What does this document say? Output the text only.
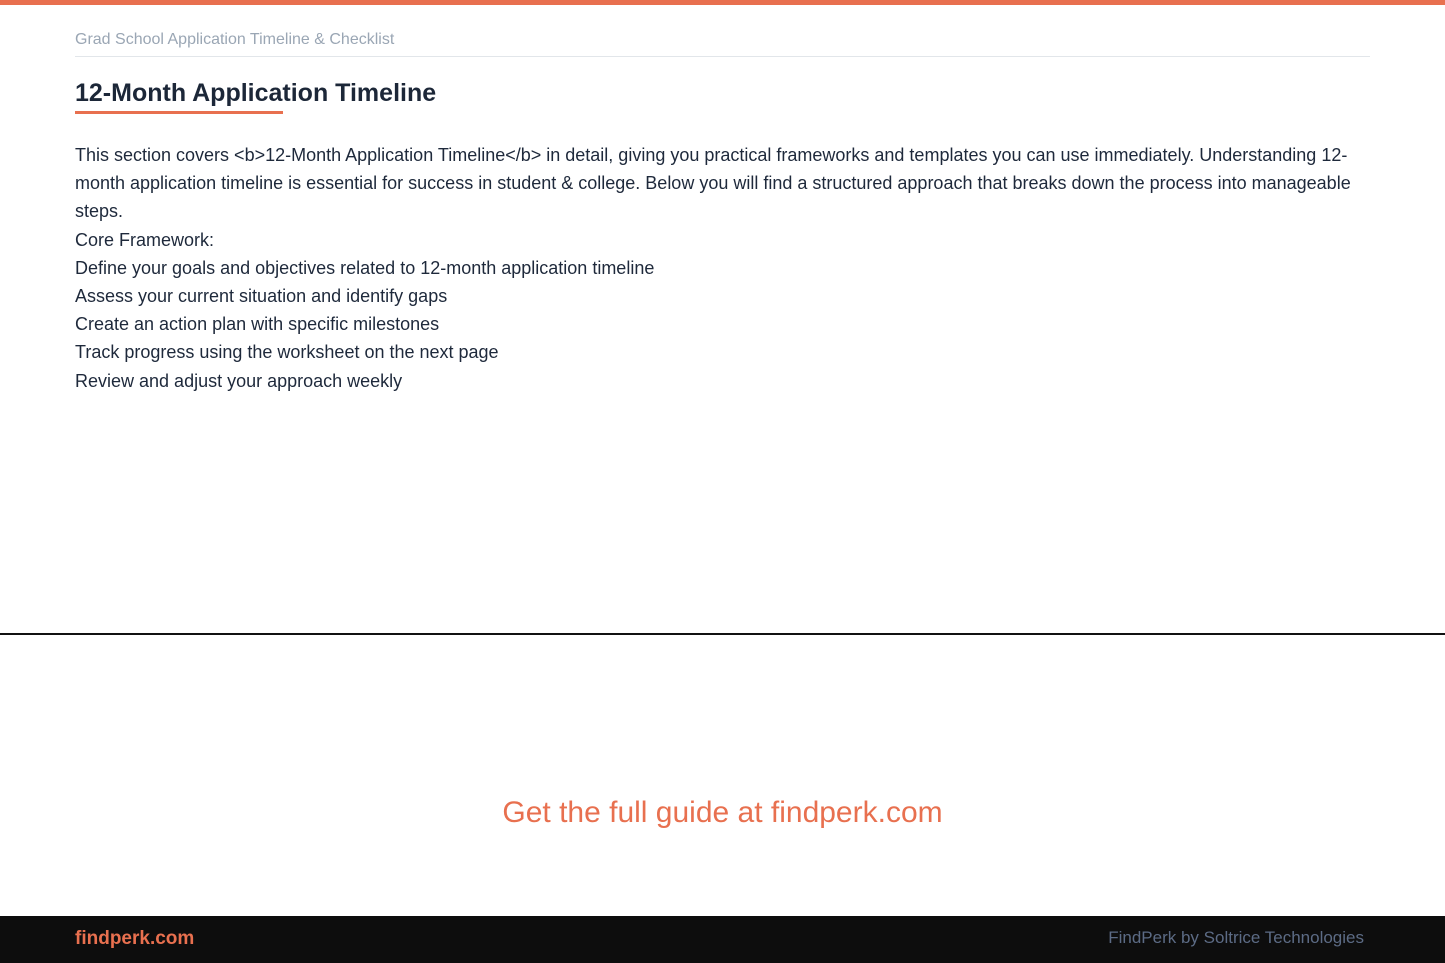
Grad School Application Timeline & Checklist
12-Month Application Timeline

This section covers <b>12-Month Application Timeline</b> in detail, giving you practical frameworks and templates you can use immediately. Understanding 12-month application timeline is essential for success in student & college. Below you will find a structured approach that breaks down the process into manageable steps.

Core Framework:

Define your goals and objectives related to 12-month application timeline

Assess your current situation and identify gaps

Create an action plan with specific milestones

Track progress using the worksheet on the next page

Review and adjust your approach weekly

Get the full guide at findperk.com
findperk.com	FindPerk by Soltrice Technologies
